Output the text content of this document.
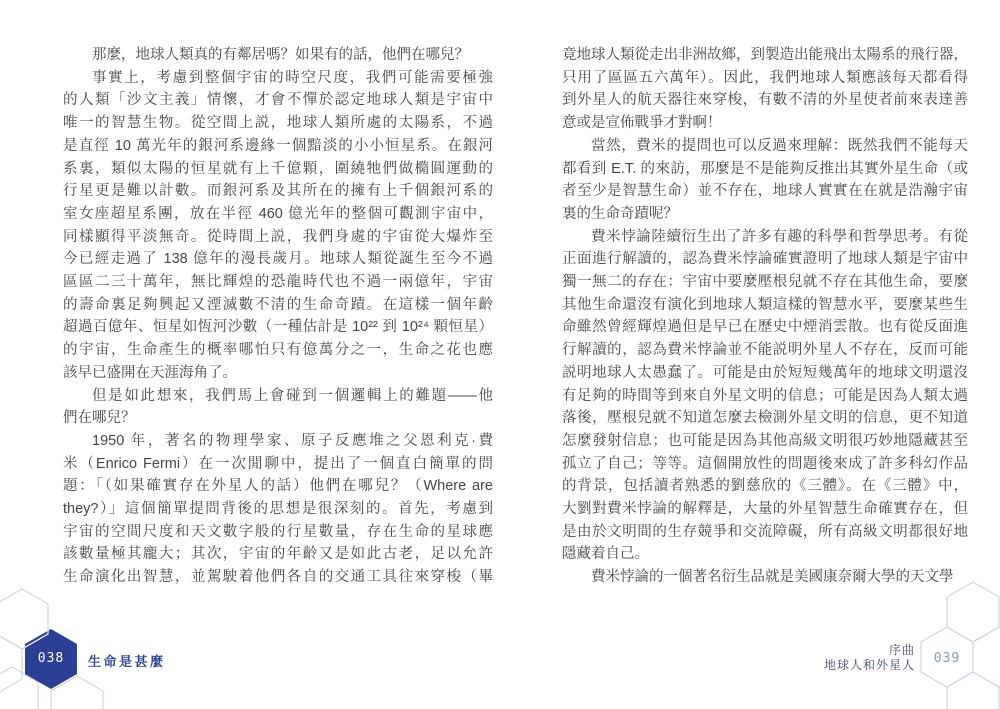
那麼，地球人類真的有鄰居嗎？如果有的話，他們在哪兒？
事實上，考慮到整個宇宙的時空尺度，我們可能需要極強
的人類「沙文主義」情懷，才會不憚於認定地球人類是宇宙中
唯一的智慧生物。從空間上説，地球人類所處的太陽系，不過
是直徑 10 萬光年的銀河系邊緣一個黯淡的小小恒星系。在銀河
系裏，類似太陽的恒星就有上千億顆，圍繞牠們做橢圓運動的
行星更是難以計數。而銀河系及其所在的擁有上千個銀河系的
室女座超星系團，放在半徑 460 億光年的整個可觀測宇宙中，
同樣顯得平淡無奇。從時間上説，我們身處的宇宙從大爆炸至
今已經走過了 138 億年的漫長歲月。地球人類從誕生至今不過
區區二三十萬年，無比輝煌的恐龍時代也不過一兩億年，宇宙
的壽命裏足夠興起又湮滅數不清的生命奇蹟。在這樣一個年齡
超過百億年、恒星如恆河沙數（一種估計是 10²² 到 10²⁴ 顆恒星）
的宇宙，生命產生的概率哪怕只有億萬分之一，生命之花也應
該早已盛開在天涯海角了。
但是如此想來，我們馬上會碰到一個邏輯上的難題——他
們在哪兒？
1950 年，著名的物理學家、原子反應堆之父恩利克·費
米（Enrico Fermi）在一次閒聊中，提出了一個直白簡單的問
題：「（如果確實存在外星人的話）他們在哪兒？（Where are
they?）」這個簡單提問背後的思想是很深刻的。首先，考慮到
宇宙的空間尺度和天文數字般的行星數量，存在生命的星球應
該數量極其龐大；其次，宇宙的年齡又是如此古老，足以允許
生命演化出智慧，並駕駛着他們各自的交通工具往來穿梭（畢
竟地球人類從走出非洲故鄉，到製造出能飛出太陽系的飛行器，
只用了區區五六萬年）。因此，我們地球人類應該每天都看得
到外星人的航天器往來穿梭，有數不清的外星使者前來表達善
意或是宣佈戰爭才對啊！
當然，費米的提問也可以反過來理解：既然我們不能每天
都看到 E.T. 的來訪，那麼是不是能夠反推出其實外星生命（或
者至少是智慧生命）並不存在，地球人實實在在就是浩瀚宇宙
裏的生命奇蹟呢？
費米悖論陸續衍生出了許多有趣的科學和哲學思考。有從
正面進行解讀的，認為費米悖論確實證明了地球人類是宇宙中
獨一無二的存在：宇宙中要麼壓根兒就不存在其他生命，要麼
其他生命還沒有演化到地球人類這樣的智慧水平，要麼某些生
命雖然曾經輝煌過但是早已在歷史中煙消雲散。也有從反面進
行解讀的，認為費米悖論並不能説明外星人不存在，反而可能
説明地球人太愚蠢了。可能是由於短短幾萬年的地球文明還沒
有足夠的時間等到來自外星文明的信息；可能是因為人類太過
落後，壓根兒就不知道怎麼去檢測外星文明的信息，更不知道
怎麼發射信息；也可能是因為其他高級文明很巧妙地隱藏甚至
孤立了自己；等等。這個開放性的問題後來成了許多科幻作品
的背景，包括讀者熟悉的劉慈欣的《三體》。在《三體》中，
大劉對費米悖論的解釋是，大量的外星智慧生命確實存在，但
是由於文明間的生存競爭和交流障礙，所有高級文明都很好地
隱藏着自己。
費米悖論的一個著名衍生品就是美國康奈爾大學的天文學
038	生命是甚麼
序曲
地球人和外星人	039
